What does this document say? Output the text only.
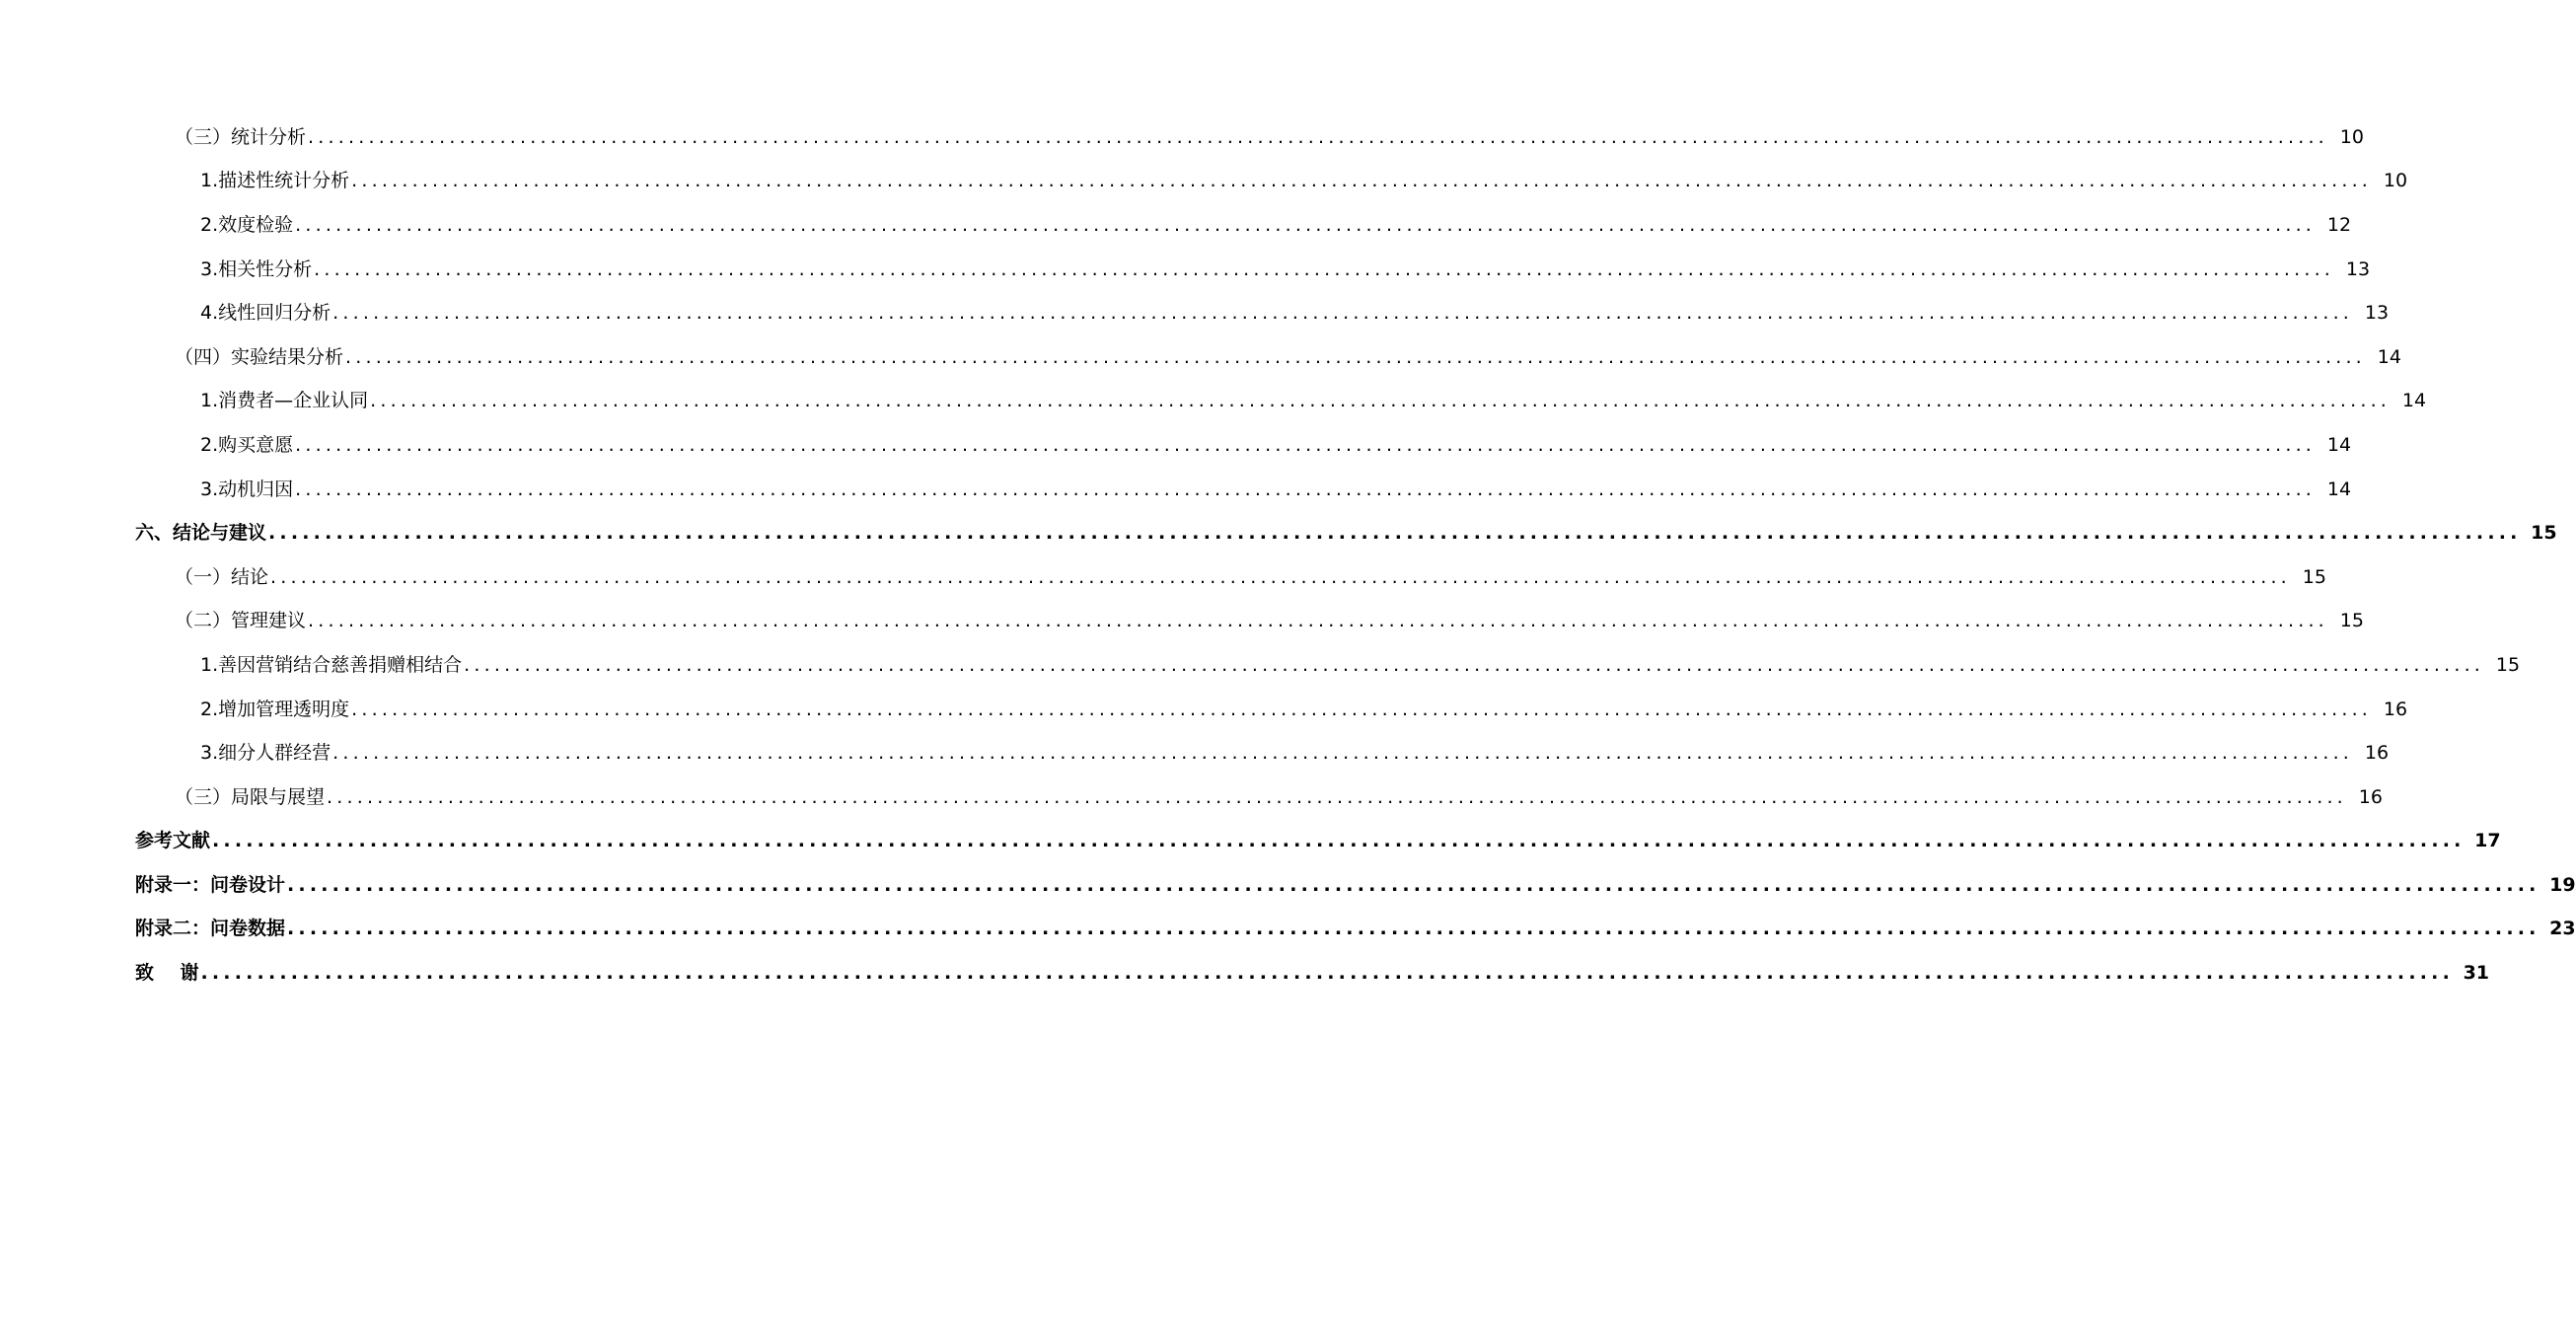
（三）统计分析 ........................................................................................................................................................................................................ 10
1.描述性统计分析 ........................................................................................................................................................................................................ 10
2.效度检验 ........................................................................................................................................................................................................ 12
3.相关性分析 ........................................................................................................................................................................................................ 13
4.线性回归分析 ........................................................................................................................................................................................................ 13
（四）实验结果分析 ........................................................................................................................................................................................................ 14
1.消费者—企业认同 ........................................................................................................................................................................................................ 14
2.购买意愿 ........................................................................................................................................................................................................ 14
3.动机归因 ........................................................................................................................................................................................................ 14
六、结论与建议 ........................................................................................................................................................................................................ 15
（一）结论 ........................................................................................................................................................................................................ 15
（二）管理建议 ........................................................................................................................................................................................................ 15
1.善因营销结合慈善捐赠相结合 ........................................................................................................................................................................................................ 15
2.增加管理透明度 ........................................................................................................................................................................................................ 16
3.细分人群经营 ........................................................................................................................................................................................................ 16
（三）局限与展望 ........................................................................................................................................................................................................ 16
参考文献 ........................................................................................................................................................................................................ 17
附录一：问卷设计 ........................................................................................................................................................................................................ 19
附录二：问卷数据 ........................................................................................................................................................................................................ 23
致    谢 ........................................................................................................................................................................................................ 31
